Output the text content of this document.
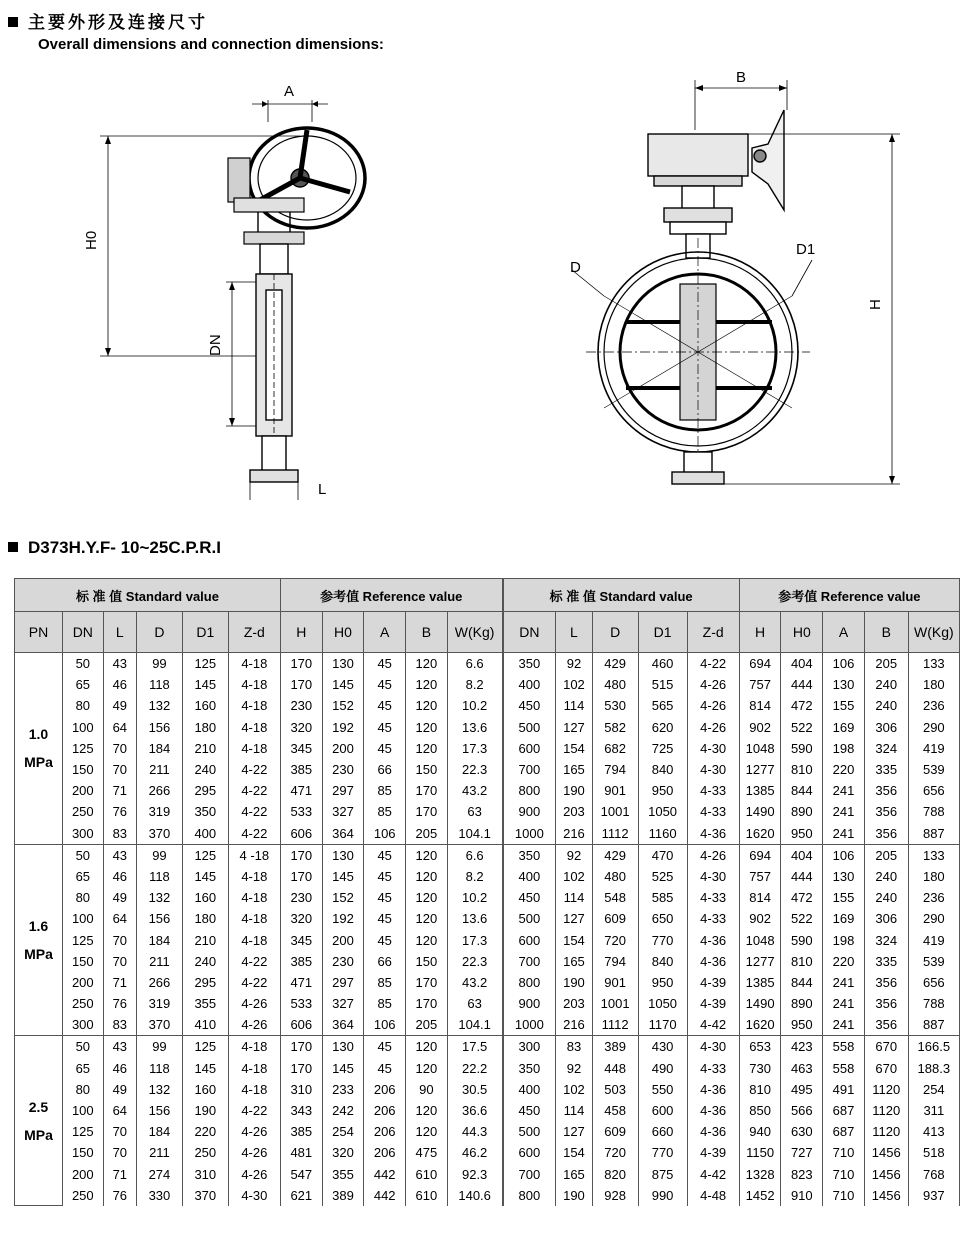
主要外形及连接尺寸
Overall dimensions and connection dimensions:
A
H0
DN
L
B
D
D1
H
D373H.Y.F- 10~25C.P.R.I
标 准 值 Standard value						参考值 Reference value					标 准 值 Standard value					参考值 Reference value				
PN	DN	L	D	D1	Z-d	H	H0	A	B	W(Kg)	DN	L	D	D1	Z-d	H	H0	A	B	W(Kg)

1.0
MPa	50	43	99	125	4-18	170	130	45	120	6.6	350	92	429	460	4-22	694	404	106	205	133
	65	46	118	145	4-18	170	145	45	120	8.2	400	102	480	515	4-26	757	444	130	240	180
	80	49	132	160	4-18	230	152	45	120	10.2	450	114	530	565	4-26	814	472	155	240	236
	100	64	156	180	4-18	320	192	45	120	13.6	500	127	582	620	4-26	902	522	169	306	290
	125	70	184	210	4-18	345	200	45	120	17.3	600	154	682	725	4-30	1048	590	198	324	419
	150	70	211	240	4-22	385	230	66	150	22.3	700	165	794	840	4-30	1277	810	220	335	539
	200	71	266	295	4-22	471	297	85	170	43.2	800	190	901	950	4-33	1385	844	241	356	656
	250	76	319	350	4-22	533	327	85	170	63	900	203	1001	1050	4-33	1490	890	241	356	788
	300	83	370	400	4-22	606	364	106	205	104.1	1000	216	1112	1160	4-36	1620	950	241	356	887

1.6
MPa	50	43	99	125	4 -18	170	130	45	120	6.6	350	92	429	470	4-26	694	404	106	205	133
	65	46	118	145	4-18	170	145	45	120	8.2	400	102	480	525	4-30	757	444	130	240	180
	80	49	132	160	4-18	230	152	45	120	10.2	450	114	548	585	4-33	814	472	155	240	236
	100	64	156	180	4-18	320	192	45	120	13.6	500	127	609	650	4-33	902	522	169	306	290
	125	70	184	210	4-18	345	200	45	120	17.3	600	154	720	770	4-36	1048	590	198	324	419
	150	70	211	240	4-22	385	230	66	150	22.3	700	165	794	840	4-36	1277	810	220	335	539
	200	71	266	295	4-22	471	297	85	170	43.2	800	190	901	950	4-39	1385	844	241	356	656
	250	76	319	355	4-26	533	327	85	170	63	900	203	1001	1050	4-39	1490	890	241	356	788
	300	83	370	410	4-26	606	364	106	205	104.1	1000	216	1112	1170	4-42	1620	950	241	356	887

2.5
MPa	50	43	99	125	4-18	170	130	45	120	17.5	300	83	389	430	4-30	653	423	558	670	166.5
	65	46	118	145	4-18	170	145	45	120	22.2	350	92	448	490	4-33	730	463	558	670	188.3
	80	49	132	160	4-18	310	233	206	90	30.5	400	102	503	550	4-36	810	495	491	1120	254
	100	64	156	190	4-22	343	242	206	120	36.6	450	114	458	600	4-36	850	566	687	1120	311
	125	70	184	220	4-26	385	254	206	120	44.3	500	127	609	660	4-36	940	630	687	1120	413
	150	70	211	250	4-26	481	320	206	475	46.2	600	154	720	770	4-39	1150	727	710	1456	518
	200	71	274	310	4-26	547	355	442	610	92.3	700	165	820	875	4-42	1328	823	710	1456	768
	250	76	330	370	4-30	621	389	442	610	140.6	800	190	928	990	4-48	1452	910	710	1456	937
